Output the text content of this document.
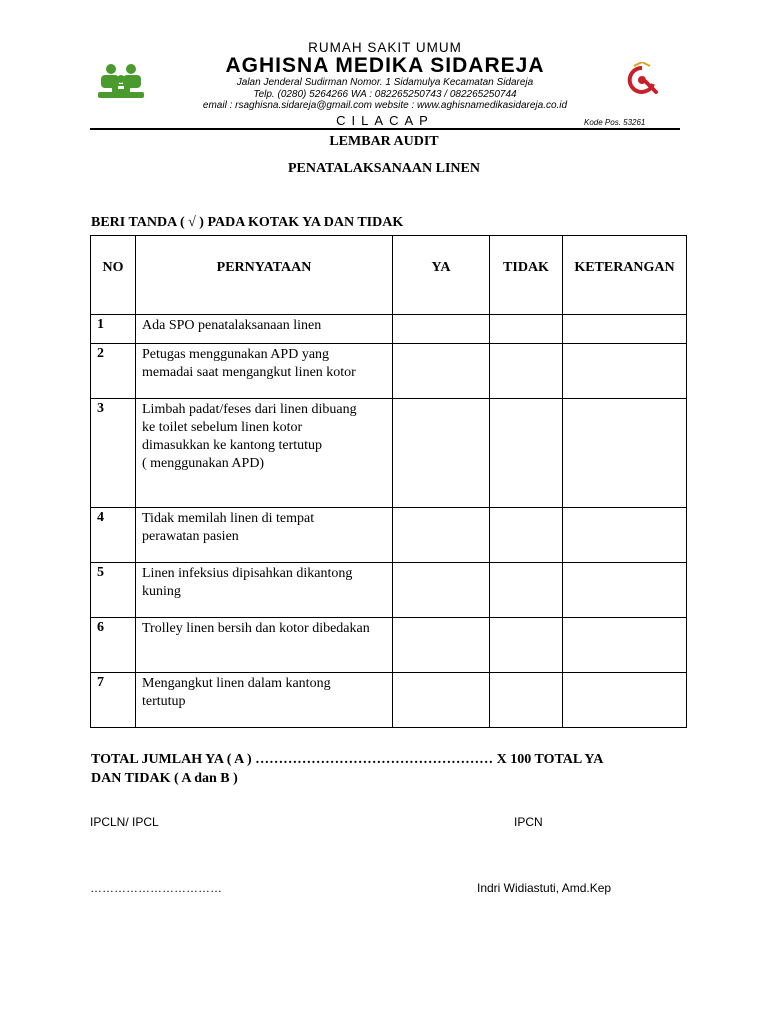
RUMAH SAKIT UMUM
AGHISNA MEDIKA SIDAREJA
Jalan Jenderal Sudirman Nomor. 1 Sidamulya Kecamatan Sidareja
Telp. (0280) 5264266 WA : 082265250743 / 082265250744
email : rsaghisna.sidareja@gmail.com website : www.aghisnamedikasidareja.co.id
CILACAP	Kode Pos. 53261
LEMBAR AUDIT
PENATALAKSANAAN LINEN
BERI TANDA ( √ ) PADA KOTAK YA DAN TIDAK
NO	PERNYATAAN	YA	TIDAK	KETERANGAN
1	Ada SPO penatalaksanaan linen			

2	Petugas menggunakan APD yang
memadai saat mengangkut linen kotor			

3	Limbah padat/feses dari linen dibuang
ke toilet sebelum linen kotor
dimasukkan ke kantong tertutup
( menggunakan APD)			

4	Tidak memilah linen di tempat
perawatan pasien			

5	Linen infeksius dipisahkan dikantong
kuning			

6	Trolley linen bersih dan kotor dibedakan			

7	Mengangkut linen dalam kantong
tertutup			

TOTAL JUMLAH YA ( A ) …………………………………………… X 100 TOTAL YA
DAN TIDAK ( A dan B )
IPCLN/ IPCL	IPCN
……………………………	Indri Widiastuti, Amd.Kep
